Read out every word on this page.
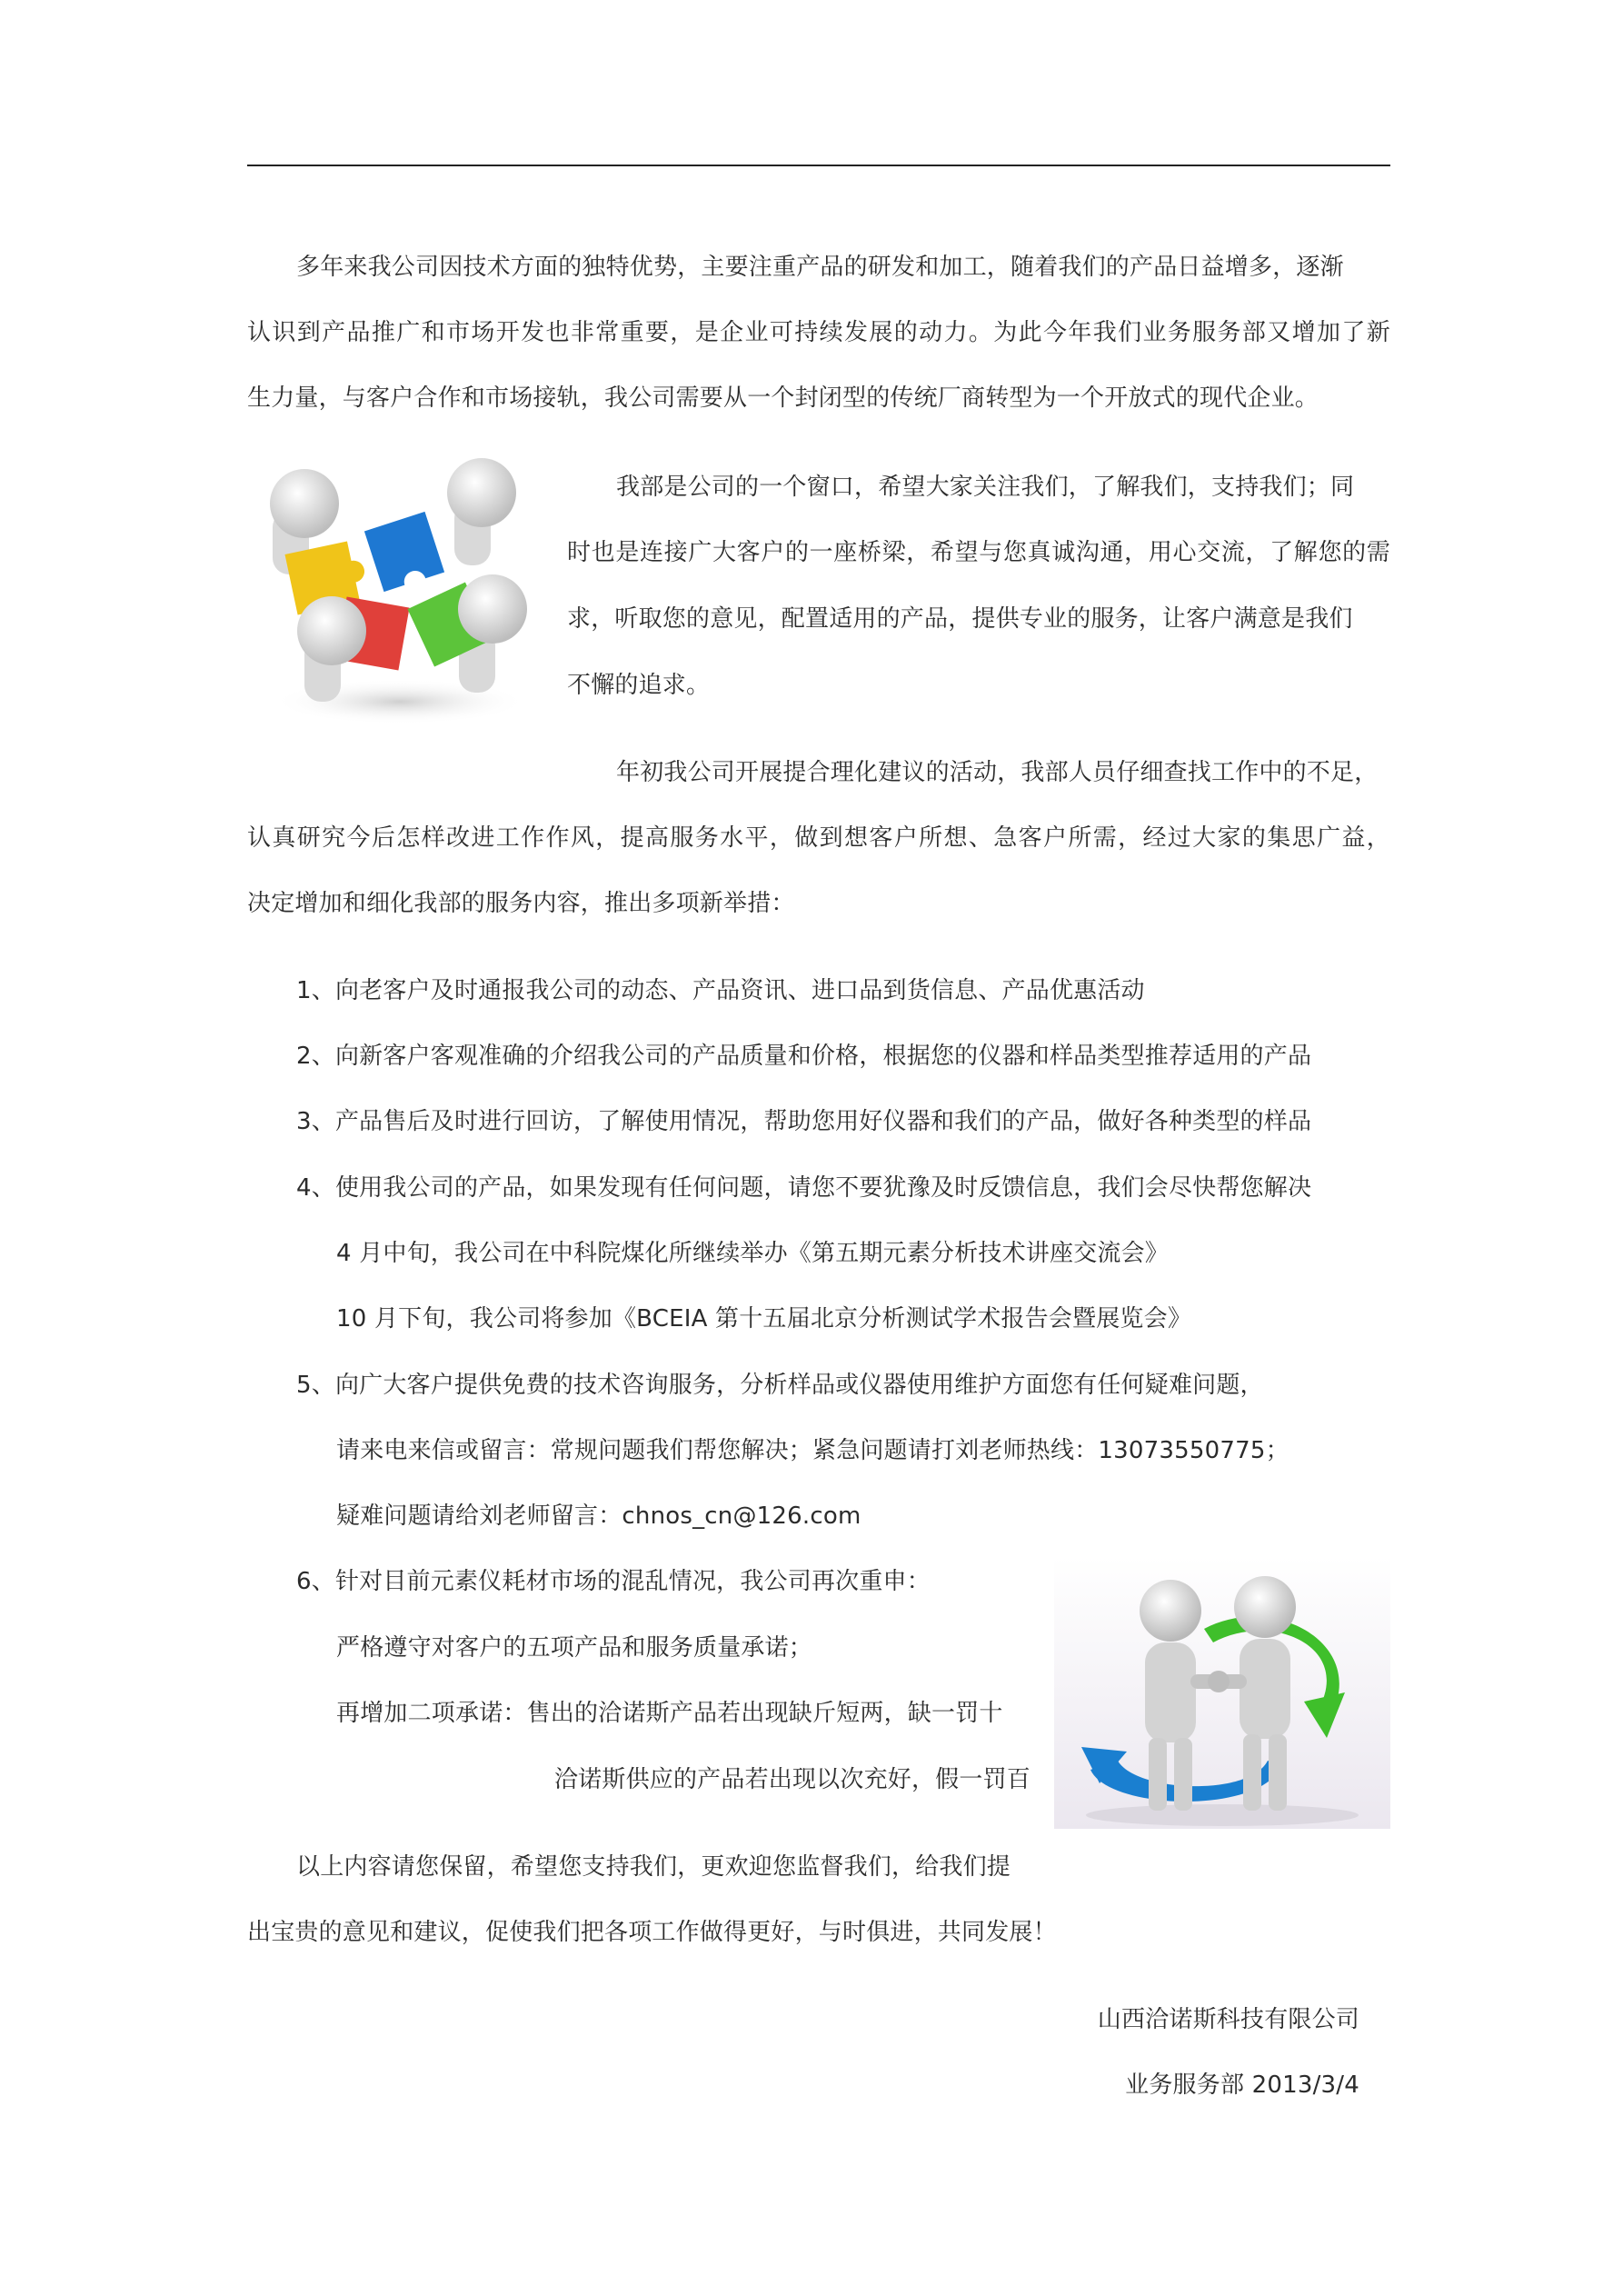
多年来我公司因技术方面的独特优势，主要注重产品的研发和加工，随着我们的产品日益增多，逐渐
认识到产品推广和市场开发也非常重要，是企业可持续发展的动力。为此今年我们业务服务部又增加了新
生力量，与客户合作和市场接轨，我公司需要从一个封闭型的传统厂商转型为一个开放式的现代企业。
我部是公司的一个窗口，希望大家关注我们，了解我们，支持我们；同
时也是连接广大客户的一座桥梁，希望与您真诚沟通，用心交流，了解您的需
求，听取您的意见，配置适用的产品，提供专业的服务，让客户满意是我们
不懈的追求。
年初我公司开展提合理化建议的活动，我部人员仔细查找工作中的不足，
认真研究今后怎样改进工作作风，提高服务水平，做到想客户所想、急客户所需，经过大家的集思广益，
决定增加和细化我部的服务内容，推出多项新举措：
1、向老客户及时通报我公司的动态、产品资讯、进口品到货信息、产品优惠活动
2、向新客户客观准确的介绍我公司的产品质量和价格，根据您的仪器和样品类型推荐适用的产品
3、产品售后及时进行回访，了解使用情况，帮助您用好仪器和我们的产品，做好各种类型的样品
4、使用我公司的产品，如果发现有任何问题，请您不要犹豫及时反馈信息，我们会尽快帮您解决
4 月中旬，我公司在中科院煤化所继续举办《第五期元素分析技术讲座交流会》
10 月下旬，我公司将参加《BCEIA 第十五届北京分析测试学术报告会暨展览会》
5、向广大客户提供免费的技术咨询服务，分析样品或仪器使用维护方面您有任何疑难问题，
请来电来信或留言：常规问题我们帮您解决；紧急问题请打刘老师热线：13073550775；
疑难问题请给刘老师留言：chnos_cn@126.com
6、针对目前元素仪耗材市场的混乱情况，我公司再次重申：
严格遵守对客户的五项产品和服务质量承诺；
再增加二项承诺：售出的洽诺斯产品若出现缺斤短两，缺一罚十
洽诺斯供应的产品若出现以次充好，假一罚百
以上内容请您保留，希望您支持我们，更欢迎您监督我们，给我们提
出宝贵的意见和建议，促使我们把各项工作做得更好，与时俱进，共同发展！
山西洽诺斯科技有限公司
业务服务部 2013/3/4
